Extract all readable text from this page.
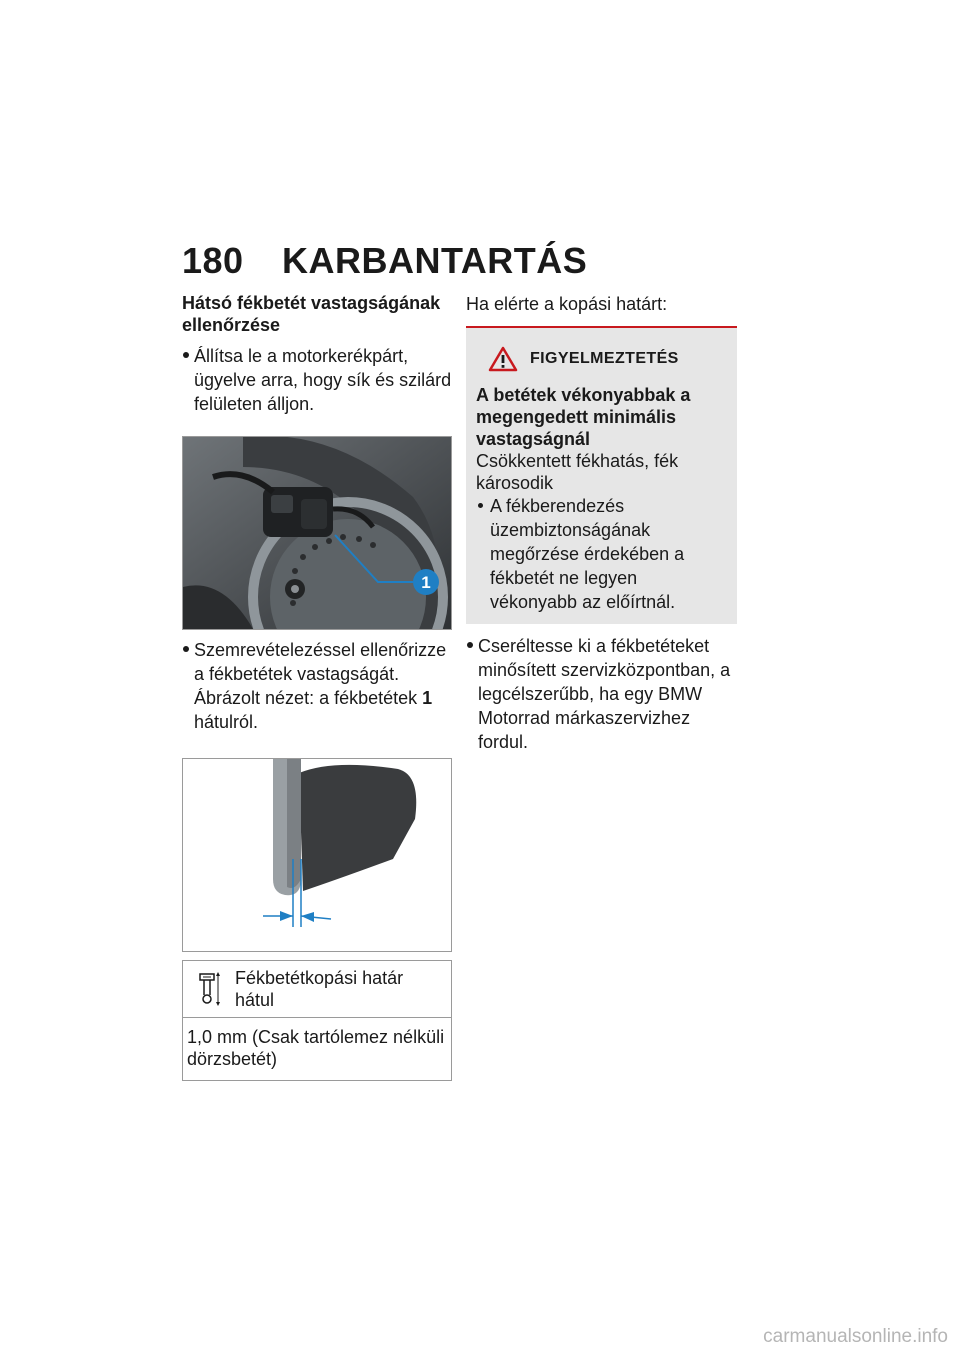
180 KARBANTARTÁS
Hátsó fékbetét vastagságának ellenőrzése
Állítsa le a motorkerékpárt, ügyelve arra, hogy sík és szilárd felületen álljon.
1
Szemrevételezéssel ellenőrizze a fékbetétek vastagságát. Ábrázolt nézet: a fékbetétek 1 hátulról.
Fékbetétkopási határ hátul
1,0 mm (Csak tartólemez nélküli dörzsbetét)
Ha elérte a kopási határt:
FIGYELMEZTETÉS
A betétek vékonyabbak a megengedett minimális vastagságnál
Csökkentett fékhatás, fék károsodik
A fékberendezés üzembiztonságának megőrzése érdekében a fékbetét ne legyen vékonyabb az előírtnál.
Cseréltesse ki a fékbetéteket minősített szervizközpontban, a legcélszerűbb, ha egy BMW Motorrad márkaszervizhez fordul.
carmanualsonline.info
